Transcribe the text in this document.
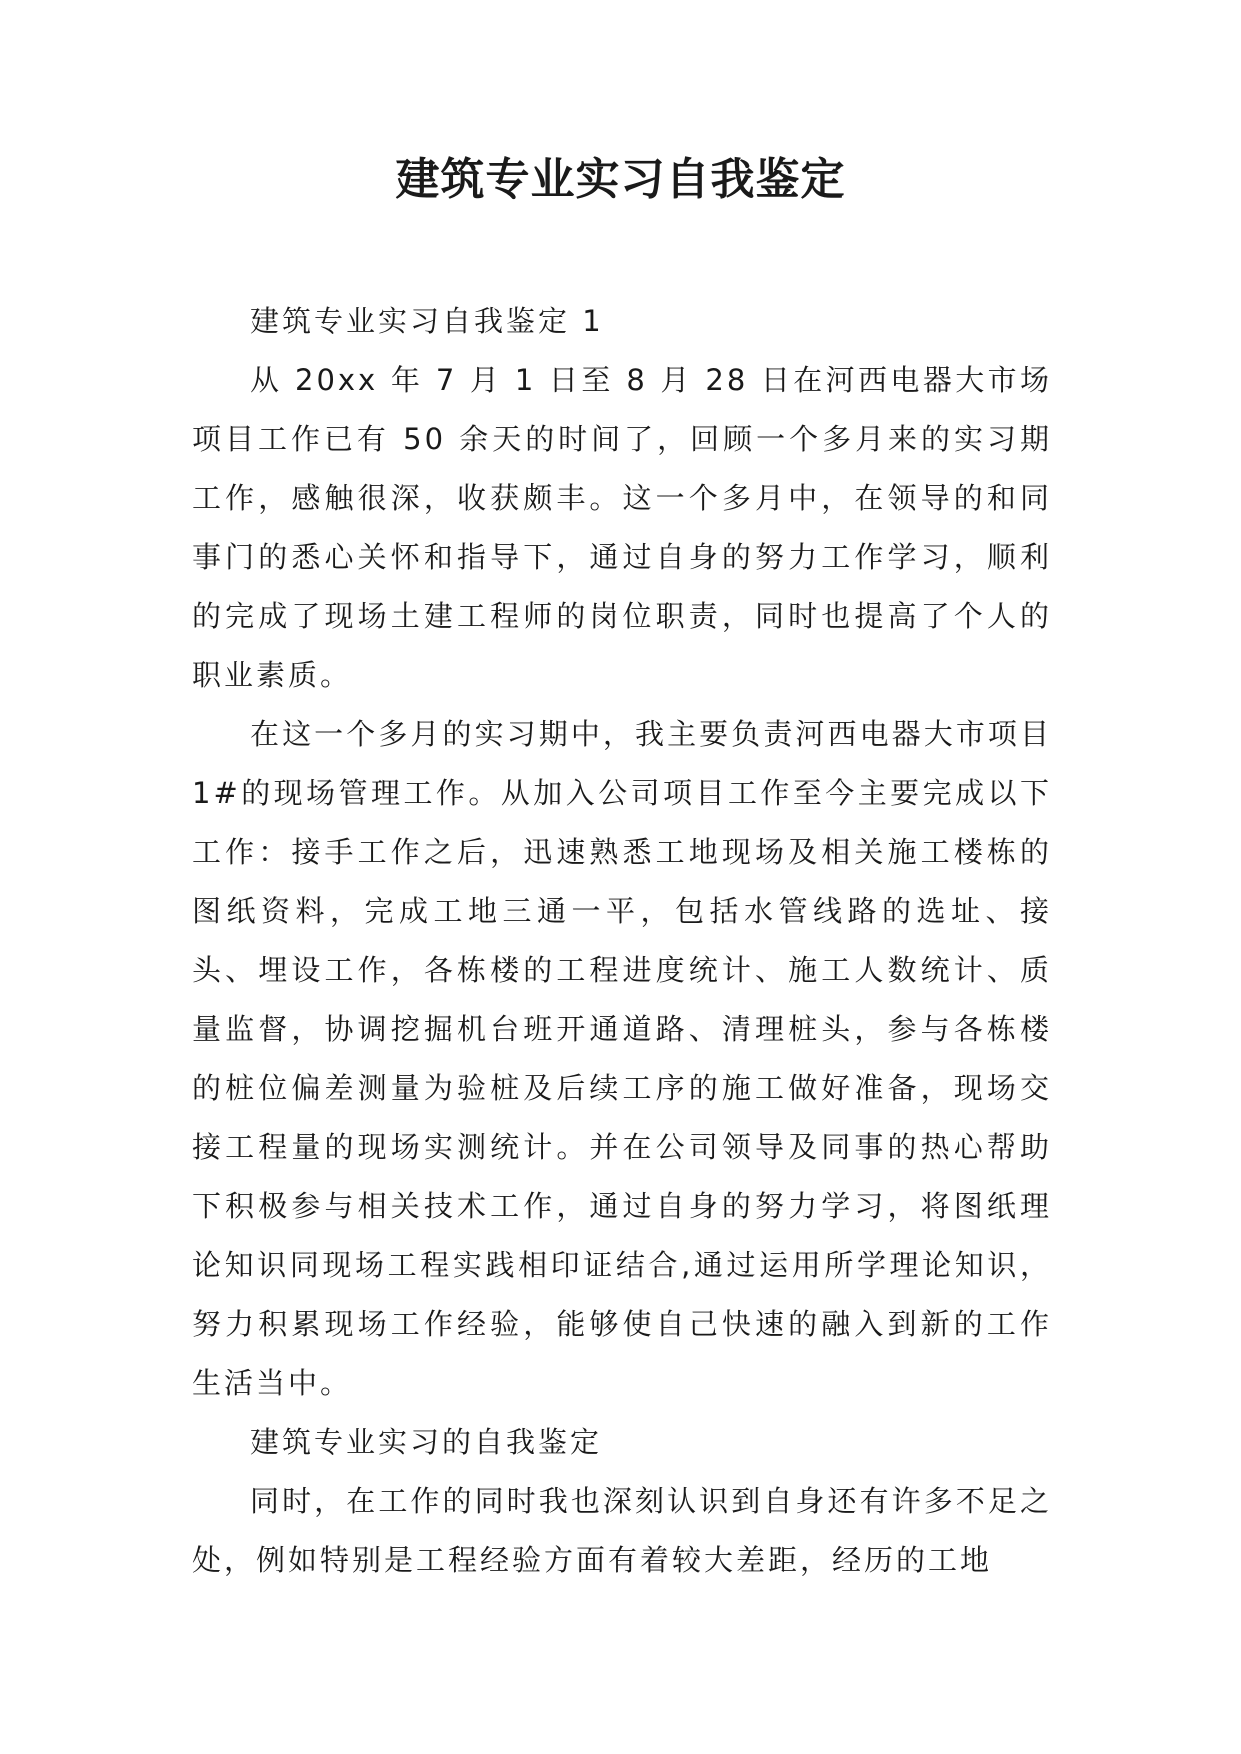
建筑专业实习自我鉴定

建筑专业实习自我鉴定 1

从 20xx 年 7 月 1 日至 8 月 28 日在河西电器大市场项目工作已有 50 余天的时间了，回顾一个多月来的实习期工作，感触很深，收获颇丰。这一个多月中，在领导的和同事门的悉心关怀和指导下，通过自身的努力工作学习，顺利的完成了现场土建工程师的岗位职责，同时也提高了个人的职业素质。

在这一个多月的实习期中，我主要负责河西电器大市项目 1#的现场管理工作。从加入公司项目工作至今主要完成以下工作：接手工作之后，迅速熟悉工地现场及相关施工楼栋的图纸资料，完成工地三通一平，包括水管线路的选址、接头、埋设工作，各栋楼的工程进度统计、施工人数统计、质量监督，协调挖掘机台班开通道路、清理桩头，参与各栋楼的桩位偏差测量为验桩及后续工序的施工做好准备，现场交接工程量的现场实测统计。并在公司领导及同事的热心帮助下积极参与相关技术工作，通过自身的努力学习，将图纸理论知识同现场工程实践相印证结合,通过运用所学理论知识，努力积累现场工作经验，能够使自己快速的融入到新的工作生活当中。

建筑专业实习的自我鉴定

同时，在工作的同时我也深刻认识到自身还有许多不足之处，例如特别是工程经验方面有着较大差距，经历的工地
